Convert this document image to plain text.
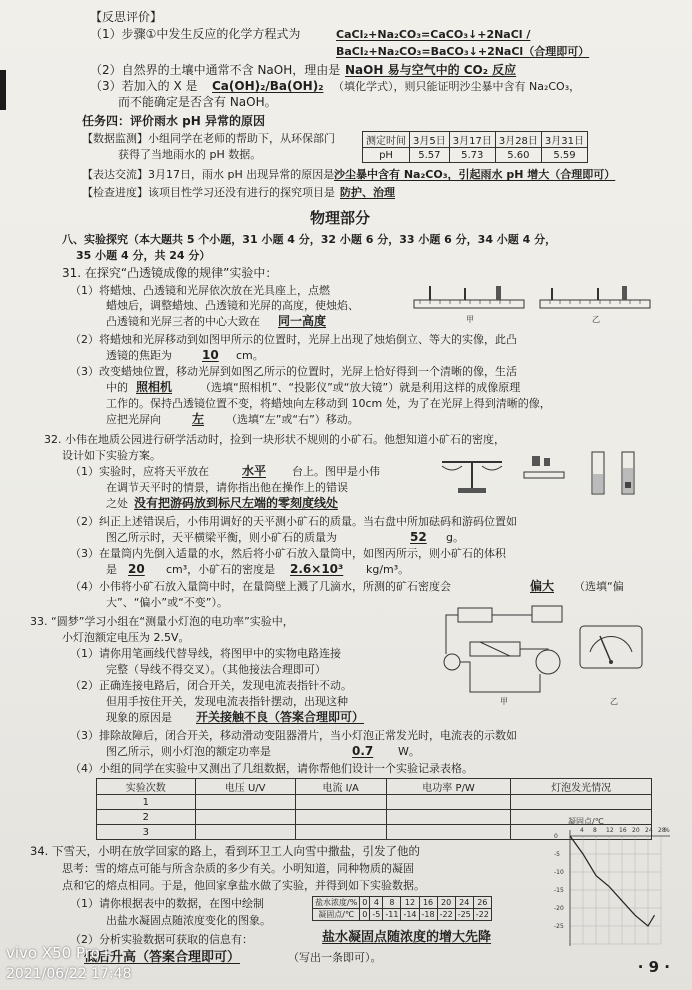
【反思评价】
（1）步骤①中发生反应的化学方程式为	CaCl₂+Na₂CO₃=CaCO₃↓+2NaCl /
BaCl₂+Na₂CO₃=BaCO₃↓+2NaCl（合理即可）
（2）自然界的土壤中通常不含 NaOH，理由是 NaOH 易与空气中的 CO₂ 反应
（3）若加入的 X 是 Ca(OH)₂/Ba(OH)₂ （填化学式），则只能证明沙尘暴中含有 Na₂CO₃，
而不能确定是否含有 NaOH。
任务四：评价雨水 pH 异常的原因
【数据监测】小组同学在老师的帮助下，从环保部门
获得了当地雨水的 pH 数据。
测定时间	3月5日	3月17日	3月28日	3月31日
pH	5.57	5.73	5.60	5.59
【表达交流】3月17日，雨水 pH 出现异常的原因是 沙尘暴中含有 Na₂CO₃，引起雨水 pH 增大（合理即可）
【检查进度】该项目性学习还没有进行的探究项目是 防护、治理
物理部分
八、实验探究（本大题共 5 个小题，31 小题 4 分，32 小题 6 分，33 小题 6 分，34 小题 4 分，
35 小题 4 分，共 24 分）
31. 在探究“凸透镜成像的规律”实验中：
（1）将蜡烛、凸透镜和光屏依次放在光具座上，点燃
蜡烛后，调整蜡烛、凸透镜和光屏的高度，使烛焰、
凸透镜和光屏三者的中心大致在 同一高度	甲	乙
（2）将蜡烛和光屏移动到如图甲所示的位置时，光屏上出现了烛焰倒立、等大的实像，此凸
透镜的焦距为	10 cm。
（3）改变蜡烛位置，移动光屏到如图乙所示的位置时，光屏上恰好得到一个清晰的像，生活
中的 照相机	（选填“照相机”、“投影仪”或“放大镜”）就是利用这样的成像原理
工作的。保持凸透镜位置不变，将蜡烛向左移动到 10cm 处，为了在光屏上得到清晰的像，
应把光屏向	左 （选填“左”或“右”）移动。
32. 小伟在地质公园进行研学活动时，捡到一块形状不规则的小矿石。他想知道小矿石的密度，
设计如下实验方案。
（1）实验时，应将天平放在	水平 台上。图甲是小伟
在调节天平时的情景，请你指出他在操作上的错误
之处 没有把游码放到标尺左端的零刻度线处
（2）纠正上述错误后，小伟用调好的天平测小矿石的质量。当右盘中所加砝码和游码位置如
图乙所示时，天平横梁平衡，则小矿石的质量为	52 g。
（3）在量筒内先倒入适量的水，然后将小矿石放入量筒中，如图丙所示，则小矿石的体积
是 20 cm³，小矿石的密度是 2.6×10³ kg/m³。
（4）小伟将小矿石放入量筒中时，在量筒壁上溅了几滴水，所测的矿石密度会	偏大 （选填“偏
大”、“偏小”或“不变”）。
33. “圆梦”学习小组在“测量小灯泡的电功率”实验中，
小灯泡额定电压为 2.5V。
（1）请你用笔画线代替导线，将图甲中的实物电路连接
完整（导线不得交叉）。（其他接法合理即可）
（2）正确连接电路后，闭合开关，发现电流表指针不动。
但用手按住开关，发现电流表指针摆动，出现这种
现象的原因是 开关接触不良（答案合理即可）
甲	乙
（3）排除故障后，闭合开关，移动滑动变阻器滑片，当小灯泡正常发光时，电流表的示数如
图乙所示，则小灯泡的额定功率是	0.7 W。
（4）小组的同学在实验中又测出了几组数据，请你帮他们设计一个实验记录表格。
实验次数	电压 U/V	电流 I/A	电功率 P/W	灯泡发光情况
1				
2				
3				
34. 下雪天，小明在放学回家的路上，看到环卫工人向雪中撒盐，引发了他的
思考：雪的熔点可能与所含杂质的多少有关。小明知道，同种物质的凝固
点和它的熔点相同。于是，他回家拿盐水做了实验，并得到如下实验数据。
（1）请你根据表中的数据，在图中绘制
出盐水凝固点随浓度变化的图象。
盐水浓度/%	0	4	8	12	16	20	24	26
凝固点/℃	0	-5	-11	-14	-18	-22	-25	-22
（2）分析实验数据可获取的信息有：	盐水凝固点随浓度的增大先降
低后升高（答案合理即可）	（写出一条即可）。
凝固点/℃
4 8 12 16 20 24 28
%
0
-5
-10
-15
-20
-25
· 9 ·
vivo X50 Pro+
2021/06/22 17:48
